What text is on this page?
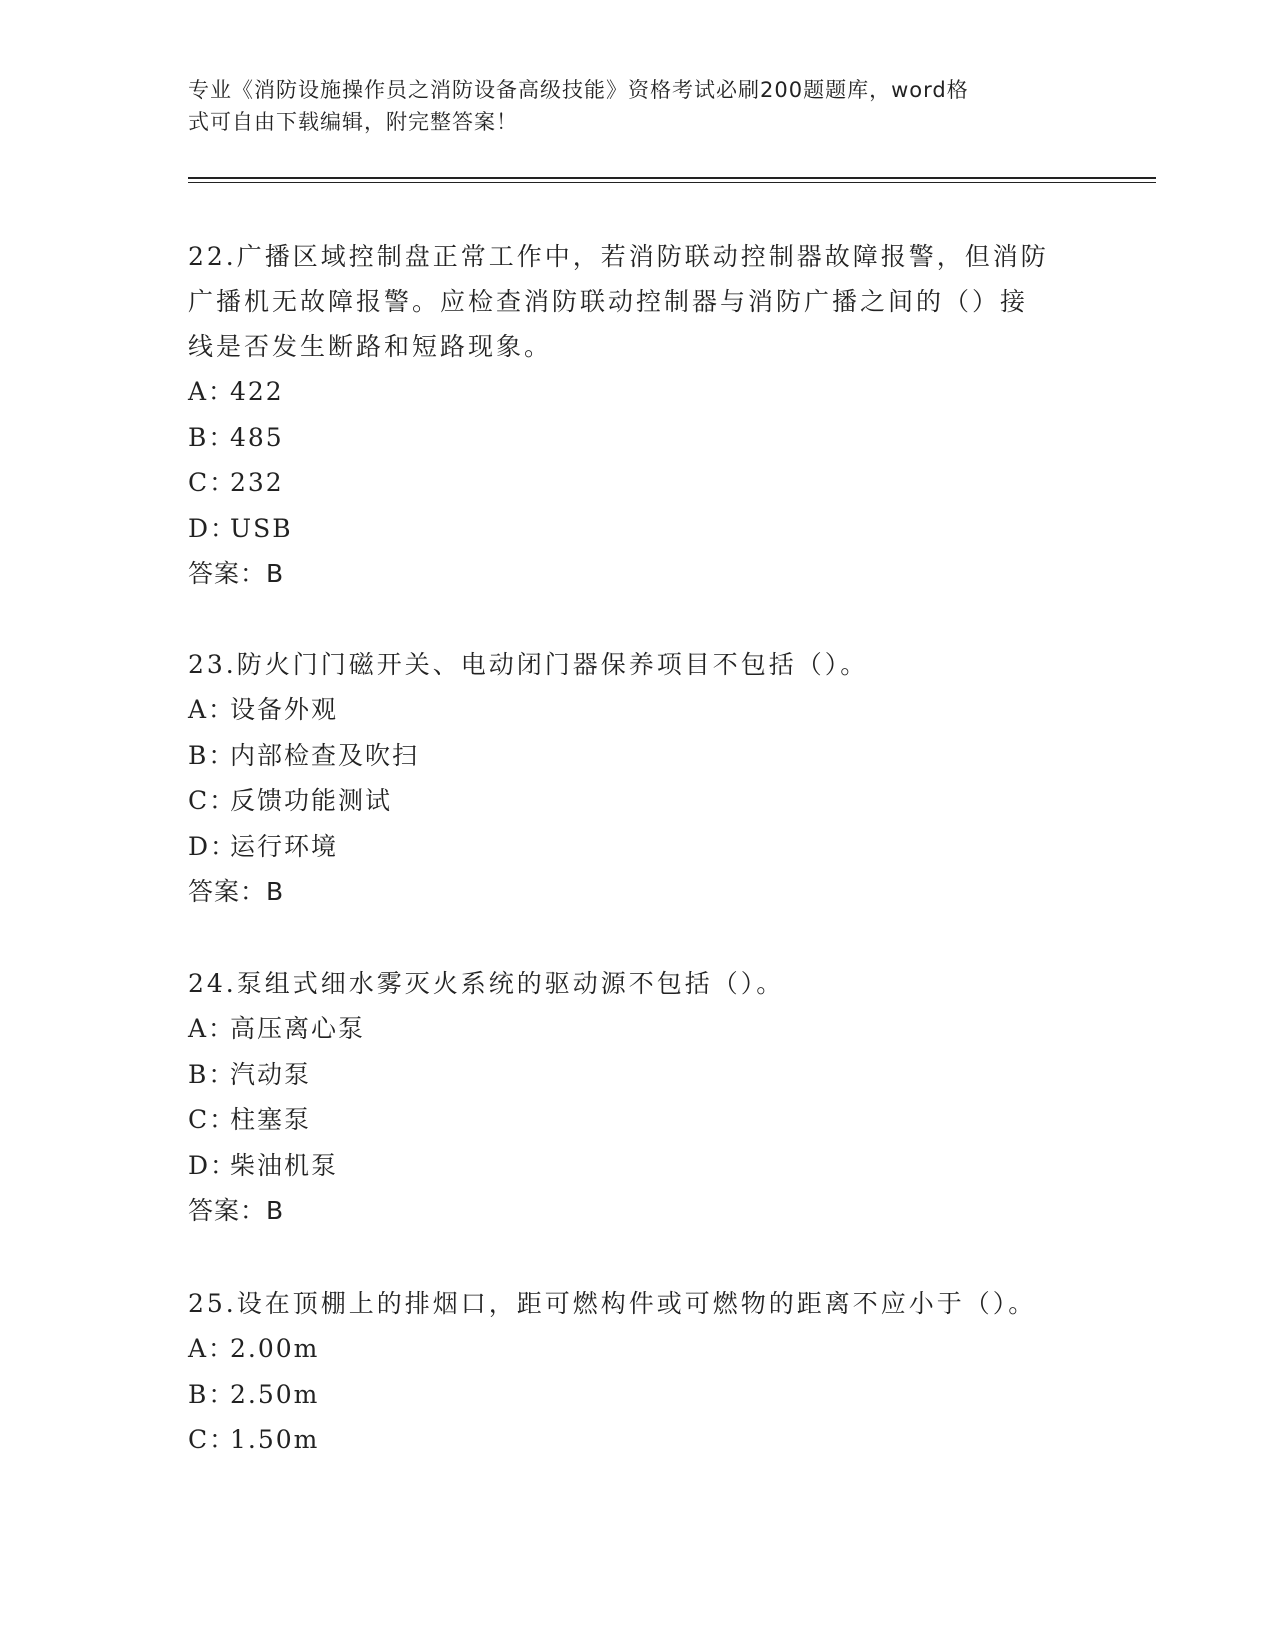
专业《消防设施操作员之消防设备高级技能》资格考试必刷200题题库，word格
式可自由下载编辑，附完整答案！
22.广播区域控制盘正常工作中，若消防联动控制器故障报警，但消防
广播机无故障报警。应检查消防联动控制器与消防广播之间的（）接
线是否发生断路和短路现象。
A：422
B：485
C：232
D：USB
答案：B
23.防火门门磁开关、电动闭门器保养项目不包括（）。
A：设备外观
B：内部检查及吹扫
C：反馈功能测试
D：运行环境
答案：B
24.泵组式细水雾灭火系统的驱动源不包括（）。
A：高压离心泵
B：汽动泵
C：柱塞泵
D：柴油机泵
答案：B
25.设在顶棚上的排烟口，距可燃构件或可燃物的距离不应小于（）。
A：2.00m
B：2.50m
C：1.50m
